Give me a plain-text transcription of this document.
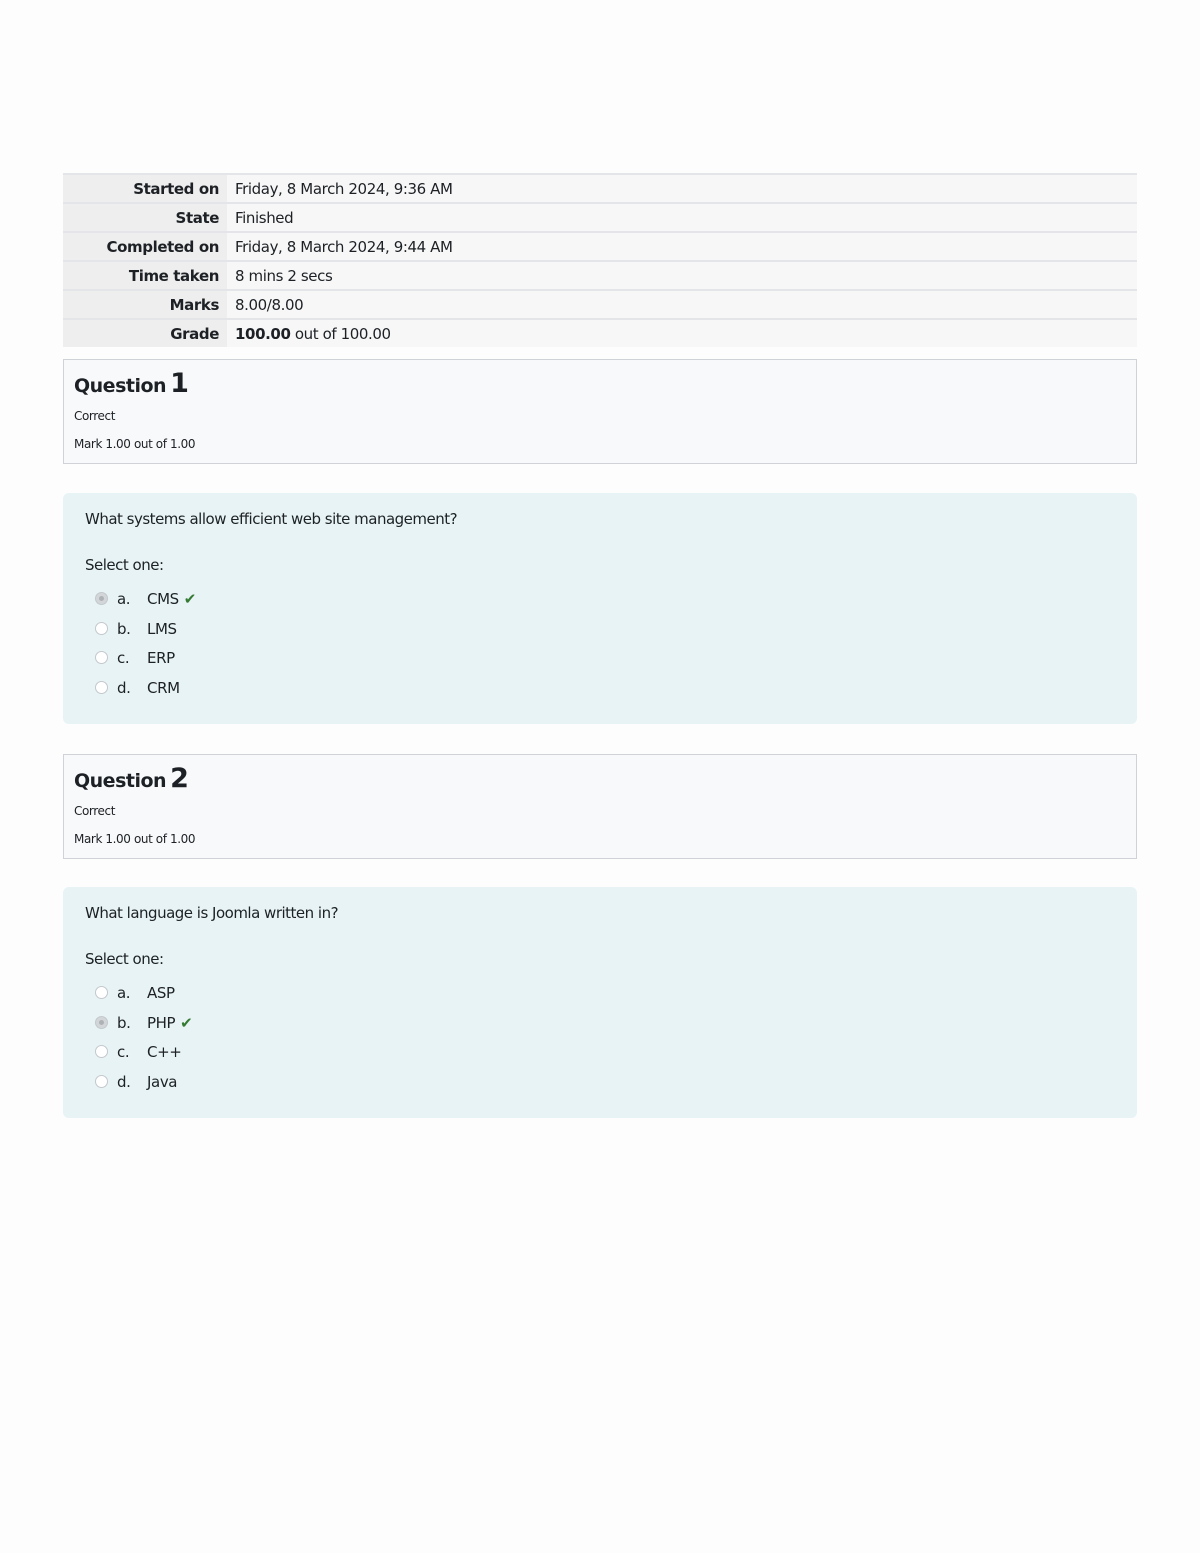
Started on	Friday, 8 March 2024, 9:36 AM
State	Finished
Completed on	Friday, 8 March 2024, 9:44 AM
Time taken	8 mins 2 secs
Marks	8.00/8.00
Grade	100.00 out of 100.00
Question 1
Correct
Mark 1.00 out of 1.00
What systems allow efficient web site management?
Select one:
a. CMS ✔
b. LMS
c. ERP
d. CRM
Question 2
Correct
Mark 1.00 out of 1.00
What language is Joomla written in?
Select one:
a. ASP
b. PHP ✔
c. C++
d. Java
